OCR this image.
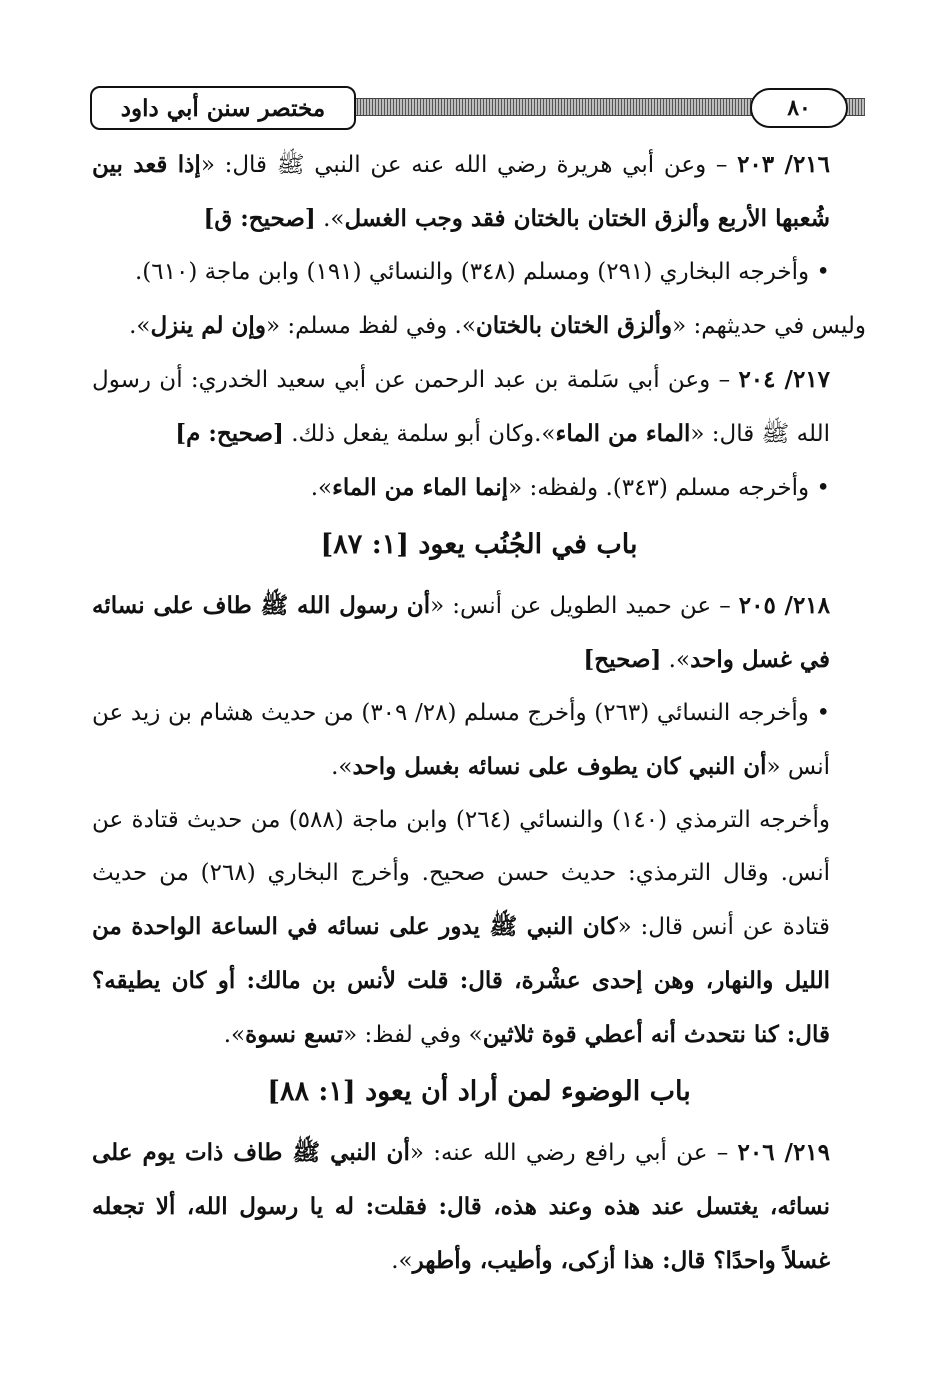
مختصر سنن أبي داود	٨٠

٢١٦/ ٢٠٣ – وعن أبي هريرة رضي الله عنه عن النبي ﷺ قال: «إذا قعد بين شُعبها الأربع وألزق الختان بالختان فقد وجب الغسل». [صحيح: ق]

• وأخرجه البخاري (٢٩١) ومسلم (٣٤٨) والنسائي (١٩١) وابن ماجة (٦١٠).

وليس في حديثهم: «وألزق الختان بالختان». وفي لفظ مسلم: «وإن لم ينزل».

٢١٧/ ٢٠٤ – وعن أبي سَلمة بن عبد الرحمن عن أبي سعيد الخدري: أن رسول الله ﷺ قال: «الماء من الماء».وكان أبو سلمة يفعل ذلك. [صحيح: م]

• وأخرجه مسلم (٣٤٣). ولفظه: «إنما الماء من الماء».

باب في الجُنُب يعود [١: ٨٧]

٢١٨/ ٢٠٥ – عن حميد الطويل عن أنس: «أن رسول الله ﷺ طاف على نسائه في غسل واحد». [صحيح]

• وأخرجه النسائي (٢٦٣) وأخرج مسلم (٢٨/ ٣٠٩) من حديث هشام بن زيد عن أنس «أن النبي كان يطوف على نسائه بغسل واحد».

وأخرجه الترمذي (١٤٠) والنسائي (٢٦٤) وابن ماجة (٥٨٨) من حديث قتادة عن أنس. وقال الترمذي: حديث حسن صحيح. وأخرج البخاري (٢٦٨) من حديث قتادة عن أنس قال: «كان النبي ﷺ يدور على نسائه في الساعة الواحدة من الليل والنهار، وهن إحدى عشْرة، قال: قلت لأنس بن مالك: أو كان يطيقه؟ قال: كنا نتحدث أنه أعطي قوة ثلاثين» وفي لفظ: «تسع نسوة».

باب الوضوء لمن أراد أن يعود [١: ٨٨]

٢١٩/ ٢٠٦ – عن أبي رافع رضي الله عنه: «أن النبي ﷺ طاف ذات يوم على نسائه، يغتسل عند هذه وعند هذه، قال: فقلت: له يا رسول الله، ألا تجعله غسلاً واحدًا؟ قال: هذا أزكى، وأطيب، وأطهر».
